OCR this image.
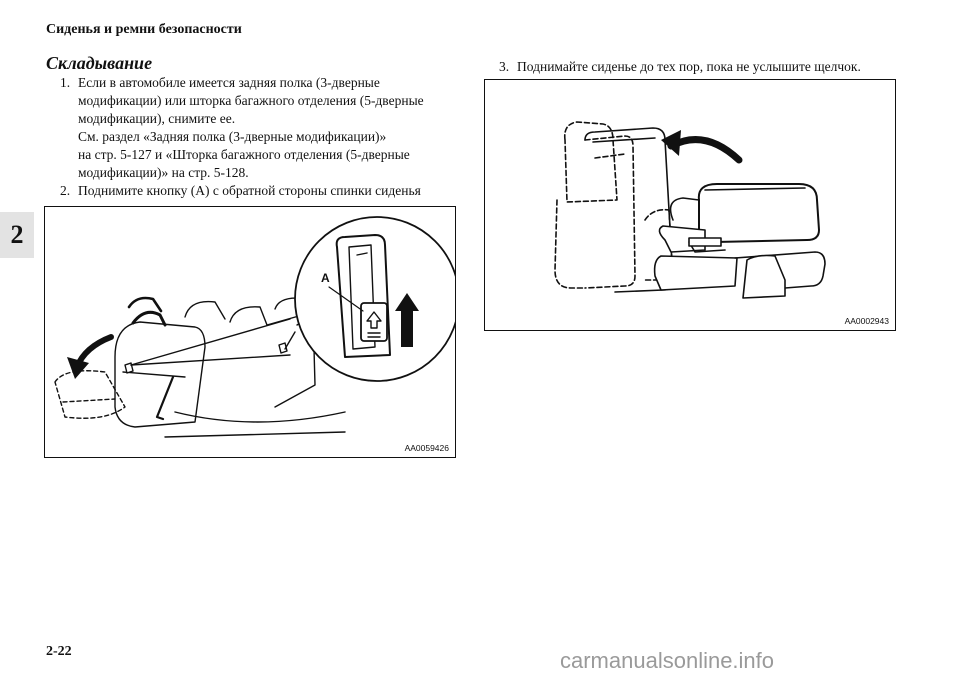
Сиденья и ремни безопасности
2
Складывание
1. Если в автомобиле имеется задняя полка (3-дверные
модификации) или шторка багажного отделения (5-дверные
модификации), снимите ее.
См. раздел «Задняя полка (3-дверные модификации)»
на стр. 5-127 и «Шторка багажного отделения (5-дверные
модификации)» на стр. 5-128.
2. Поднимите кнопку (A) с обратной стороны спинки сиденья
A
AA0059426
3. Поднимайте сиденье до тех пор, пока не услышите щелчок.
AA0002943
2-22	carmanualsonline.info
